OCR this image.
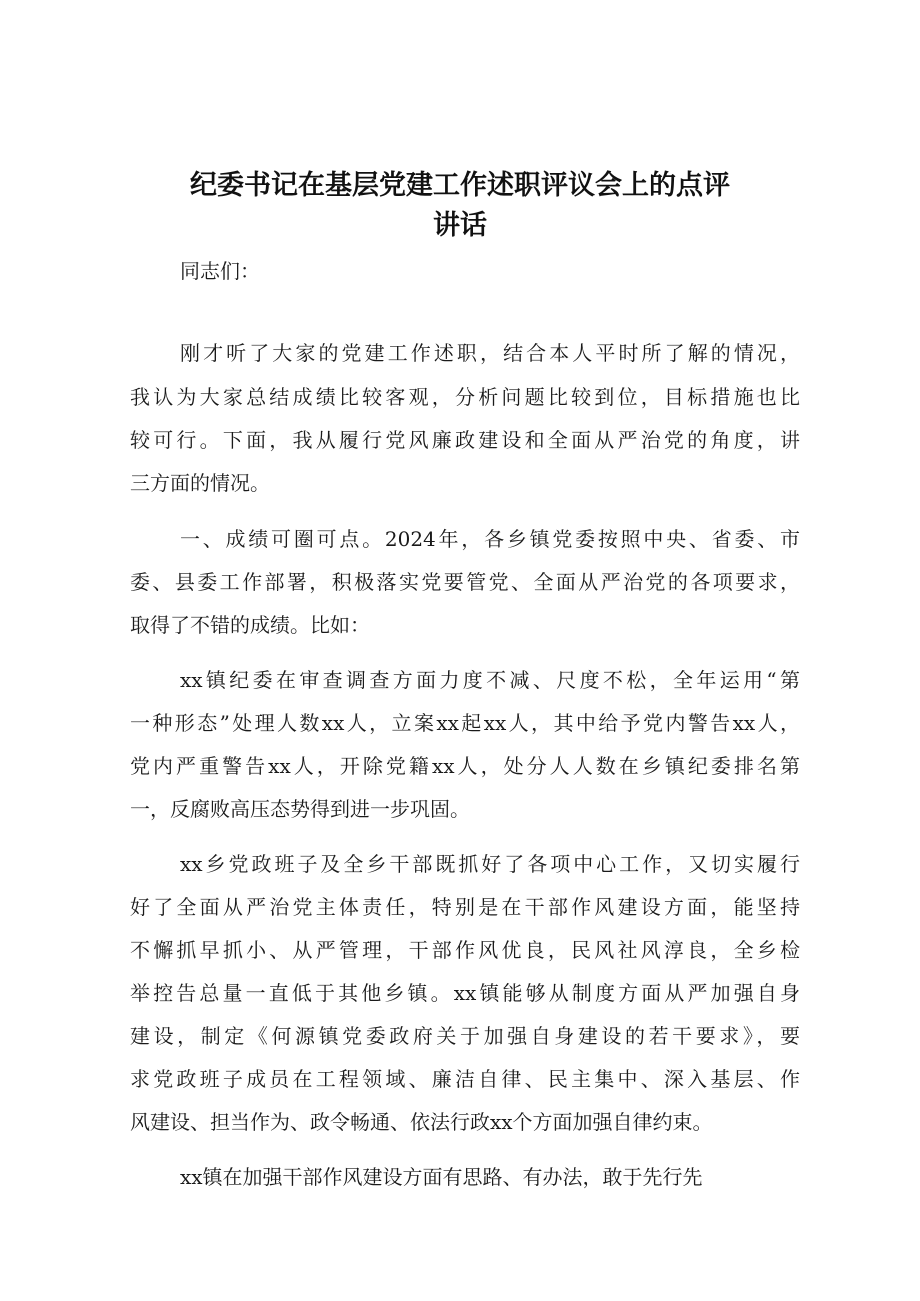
纪委书记在基层党建工作述职评议会上的点评
讲话
同志们：
刚才听了大家的党建工作述职，结合本人平时所了解的情况，
我认为大家总结成绩比较客观，分析问题比较到位，目标措施也比
较可行。下面，我从履行党风廉政建设和全面从严治党的角度，讲
三方面的情况。
一、成绩可圈可点。2024年，各乡镇党委按照中央、省委、市
委、县委工作部署，积极落实党要管党、全面从严治党的各项要求，
取得了不错的成绩。比如：
xx镇纪委在审查调查方面力度不减、尺度不松，全年运用“第
一种形态”处理人数xx人，立案xx起xx人，其中给予党内警告xx人，
党内严重警告xx人，开除党籍xx人，处分人人数在乡镇纪委排名第
一，反腐败高压态势得到进一步巩固。
xx乡党政班子及全乡干部既抓好了各项中心工作，又切实履行
好了全面从严治党主体责任，特别是在干部作风建设方面，能坚持
不懈抓早抓小、从严管理，干部作风优良，民风社风淳良，全乡检
举控告总量一直低于其他乡镇。xx镇能够从制度方面从严加强自身
建设，制定《何源镇党委政府关于加强自身建设的若干要求》，要
求党政班子成员在工程领域、廉洁自律、民主集中、深入基层、作
风建设、担当作为、政令畅通、依法行政xx个方面加强自律约束。
xx镇在加强干部作风建设方面有思路、有办法，敢于先行先
